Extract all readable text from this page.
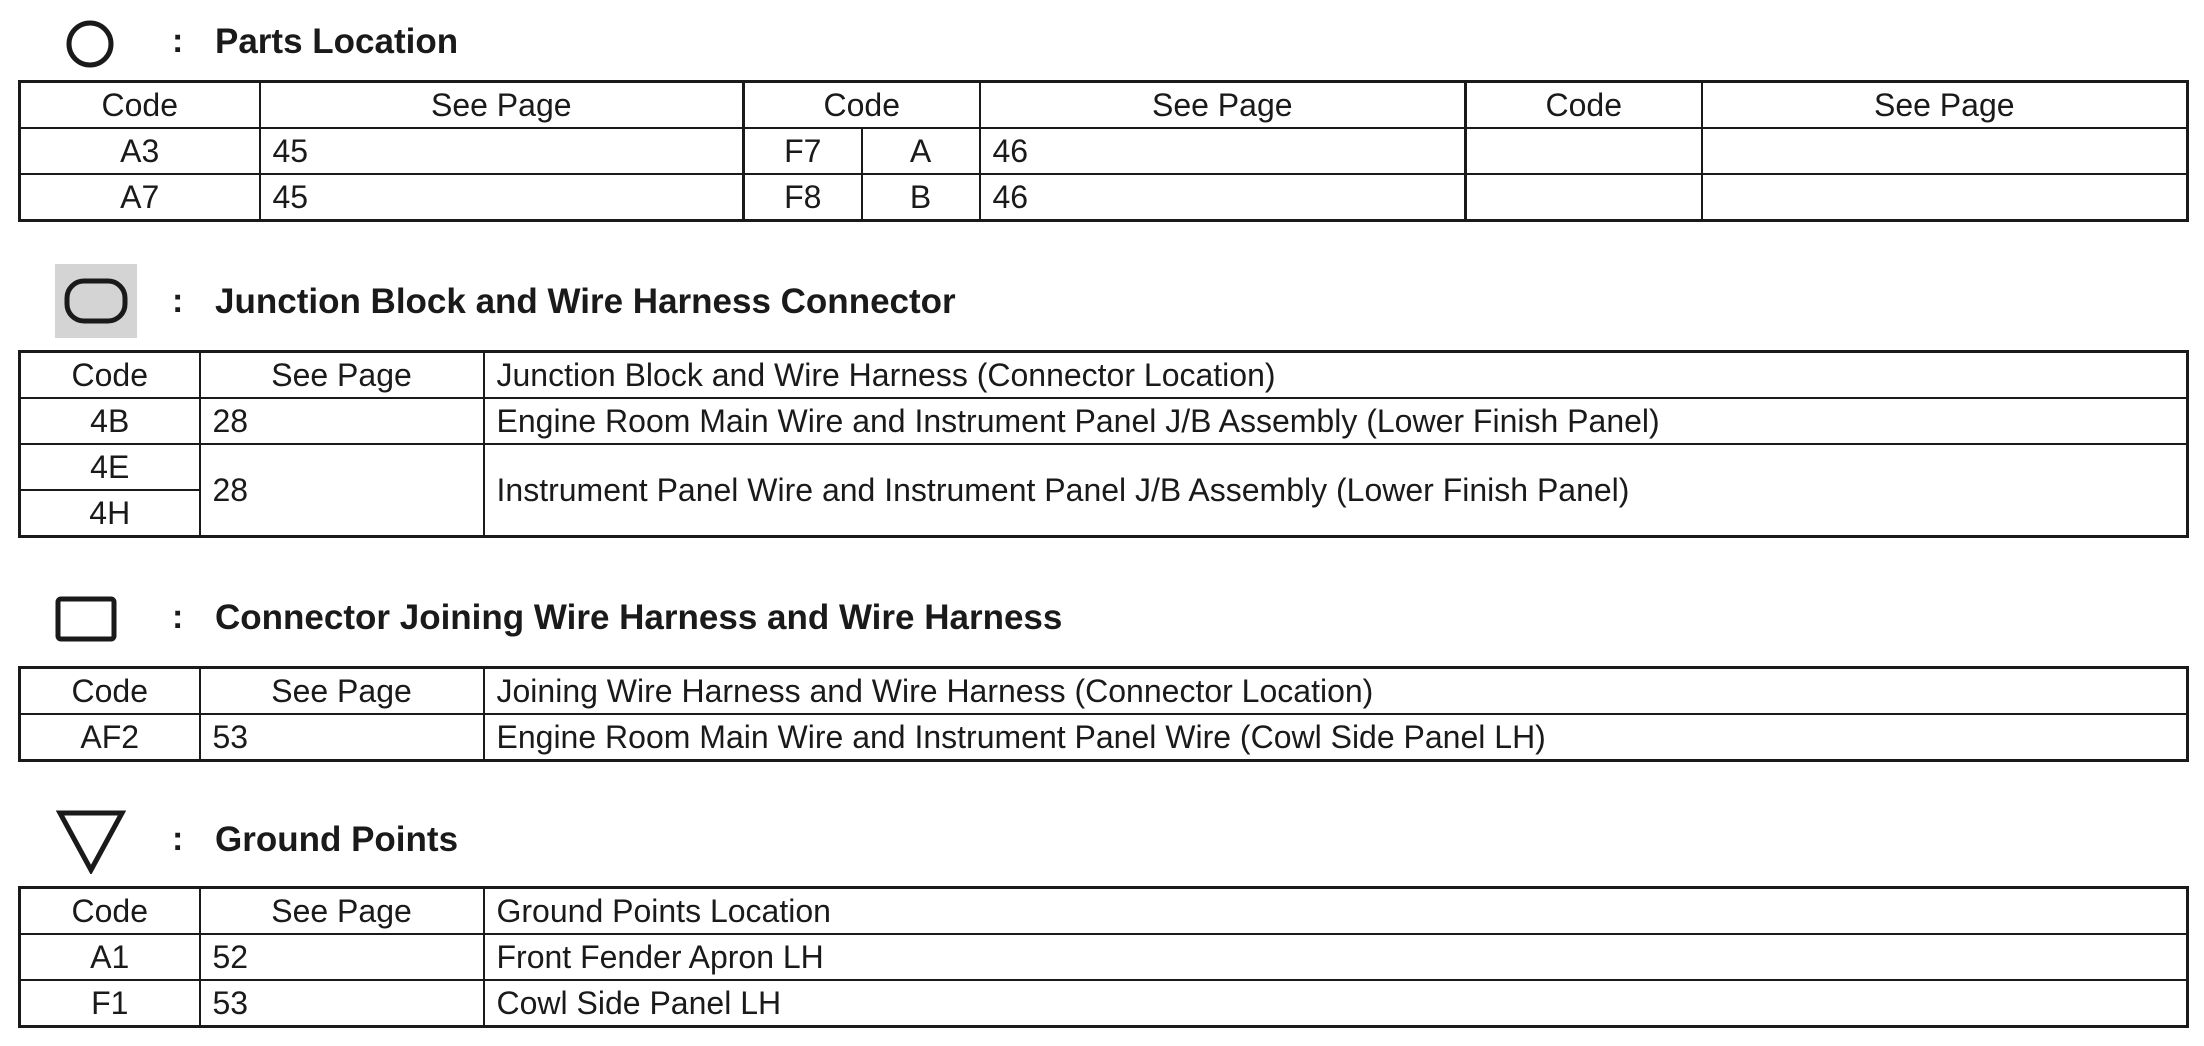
: Parts Location
Code	See Page	Code		See Page	Code	See Page
A3	45	F7	A	46		
A7	45	F8	B	46		
: Junction Block and Wire Harness Connector
Code	See Page	Junction Block and Wire Harness (Connector Location)
4B	28	Engine Room Main Wire and Instrument Panel J/B Assembly (Lower Finish Panel)
4E	28	Instrument Panel Wire and Instrument Panel J/B Assembly (Lower Finish Panel)
4H		
: Connector Joining Wire Harness and Wire Harness
Code	See Page	Joining Wire Harness and Wire Harness (Connector Location)
AF2	53	Engine Room Main Wire and Instrument Panel Wire (Cowl Side Panel LH)
: Ground Points
Code	See Page	Ground Points Location
A1	52	Front Fender Apron LH
F1	53	Cowl Side Panel LH
